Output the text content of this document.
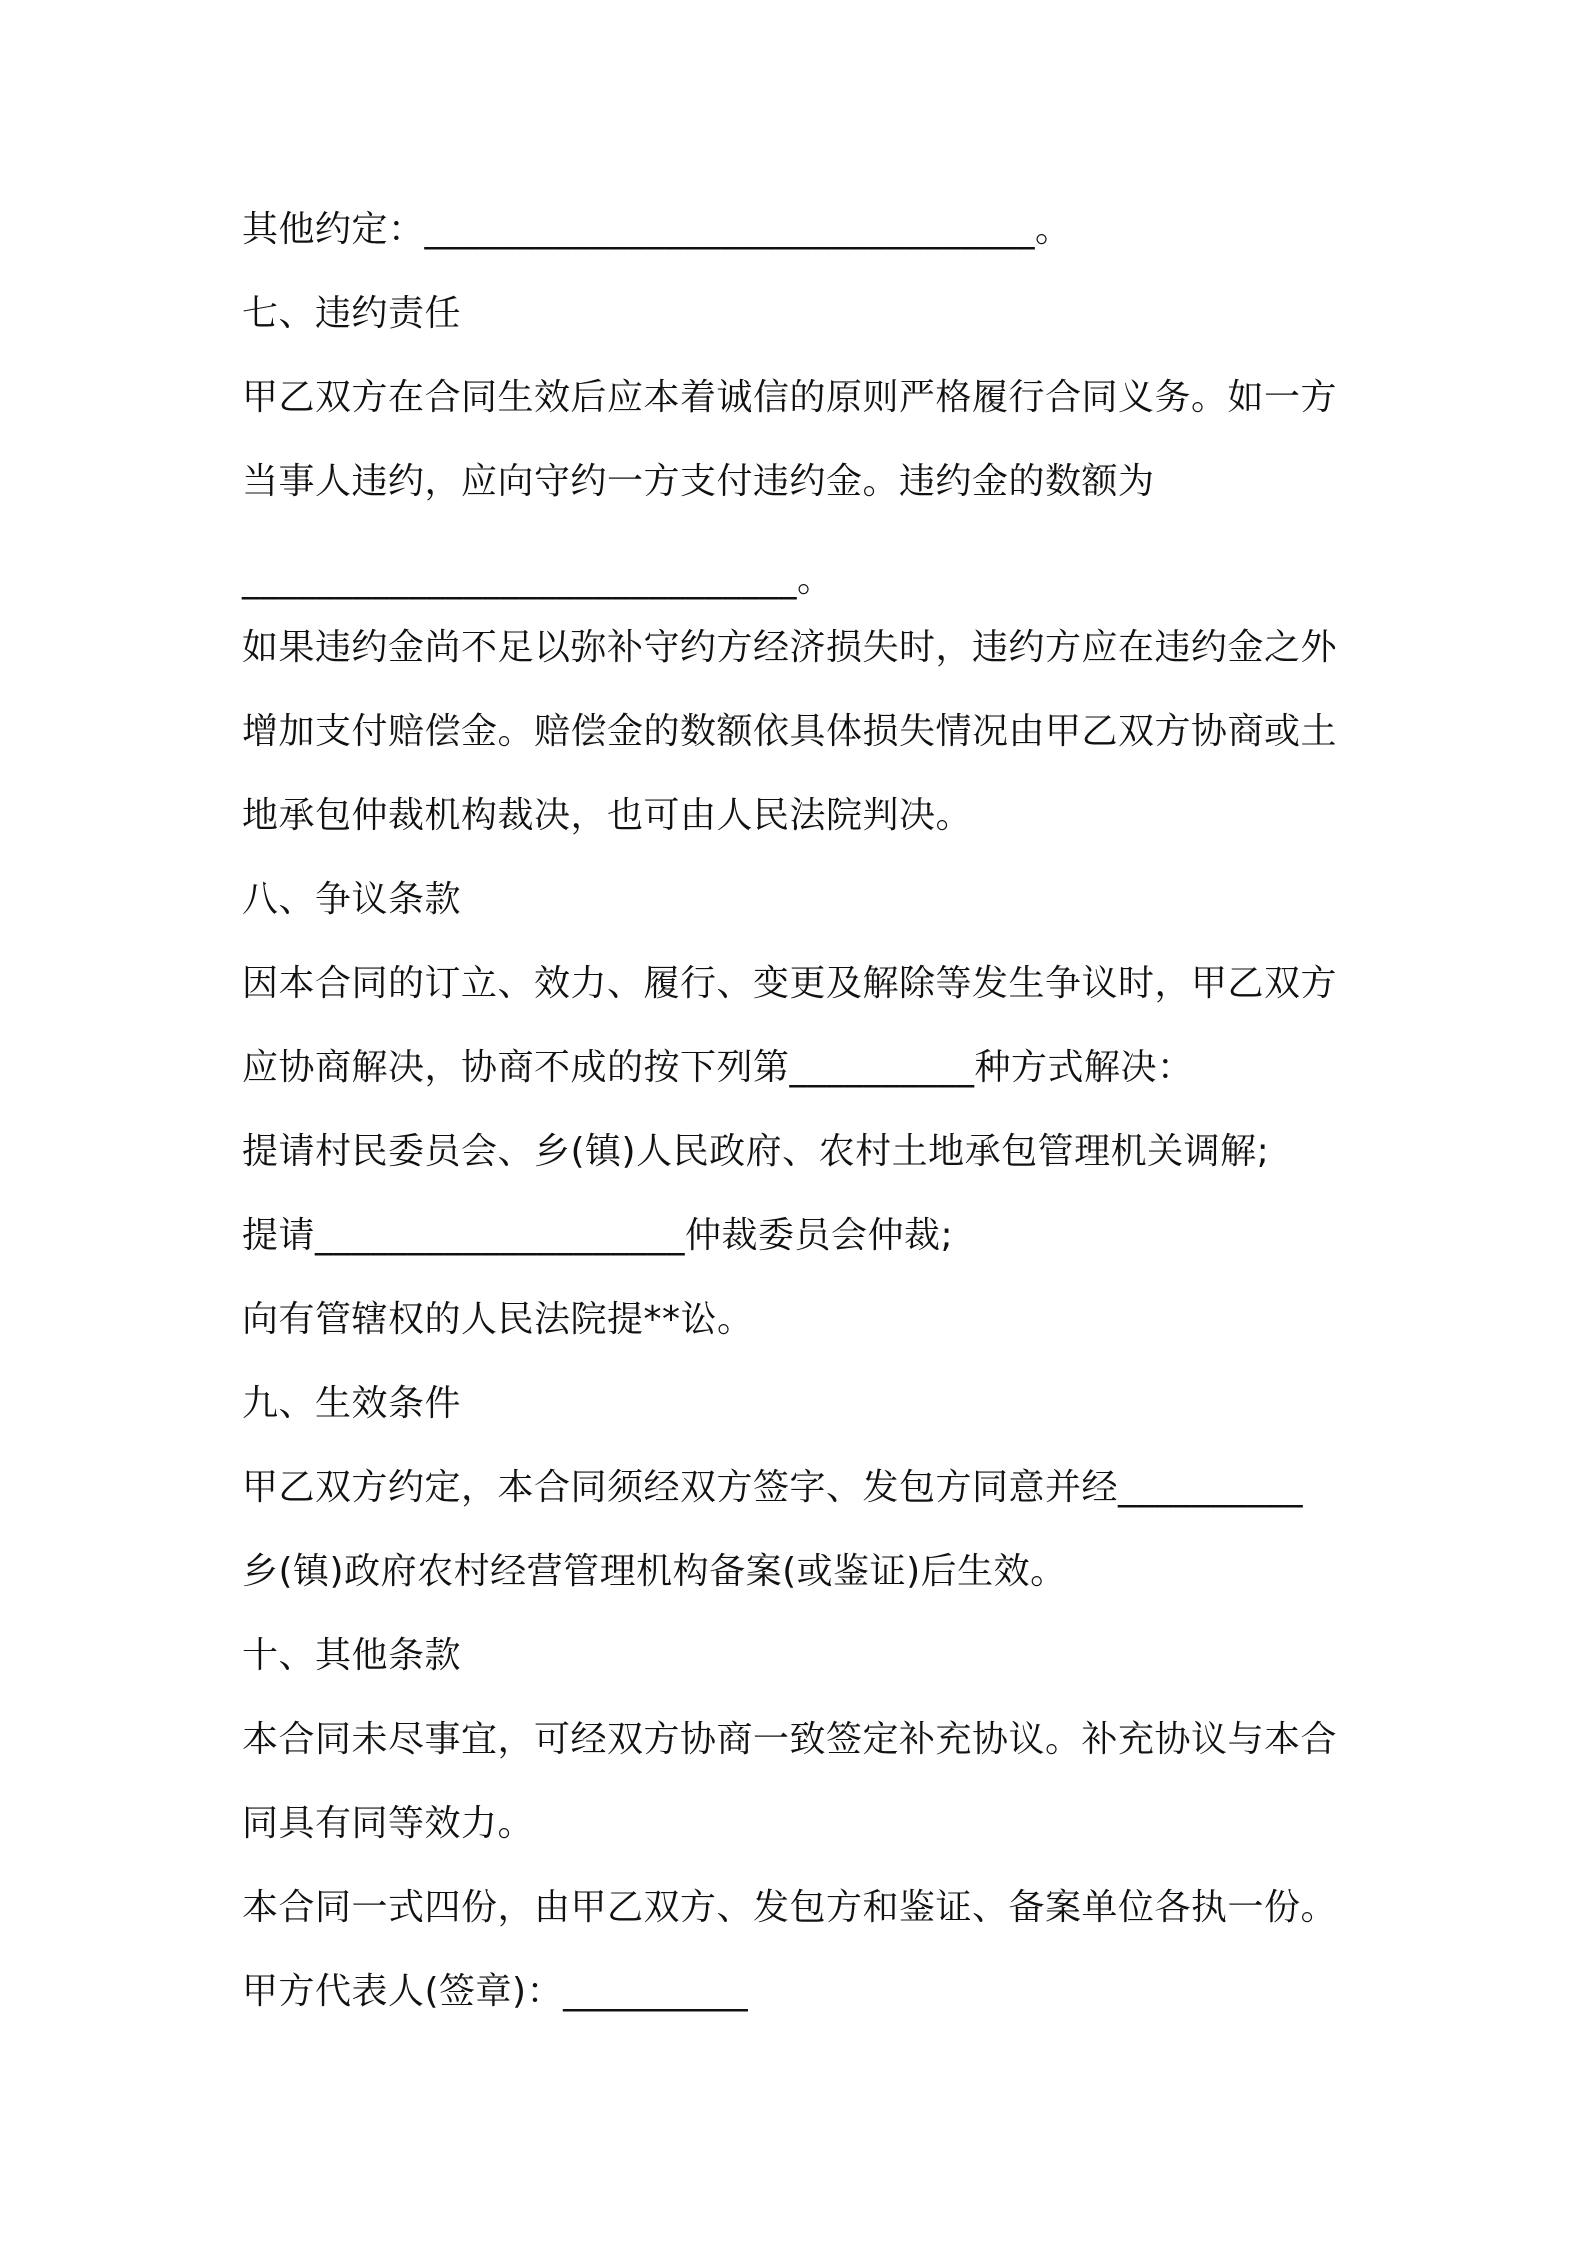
其他约定：_________________________________。
七、违约责任
甲乙双方在合同生效后应本着诚信的原则严格履行合同义务。如一方
当事人违约，应向守约一方支付违约金。违约金的数额为
______________________________。
如果违约金尚不足以弥补守约方经济损失时，违约方应在违约金之外
增加支付赔偿金。赔偿金的数额依具体损失情况由甲乙双方协商或土
地承包仲裁机构裁决，也可由人民法院判决。
八、争议条款
因本合同的订立、效力、履行、变更及解除等发生争议时，甲乙双方
应协商解决，协商不成的按下列第__________种方式解决：
提请村民委员会、乡(镇)人民政府、农村土地承包管理机关调解;
提请____________________仲裁委员会仲裁;
向有管辖权的人民法院提**讼。
九、生效条件
甲乙双方约定，本合同须经双方签字、发包方同意并经__________
乡(镇)政府农村经营管理机构备案(或鉴证)后生效。
十、其他条款
本合同未尽事宜，可经双方协商一致签定补充协议。补充协议与本合
同具有同等效力。
本合同一式四份，由甲乙双方、发包方和鉴证、备案单位各执一份。
甲方代表人(签章)：__________
